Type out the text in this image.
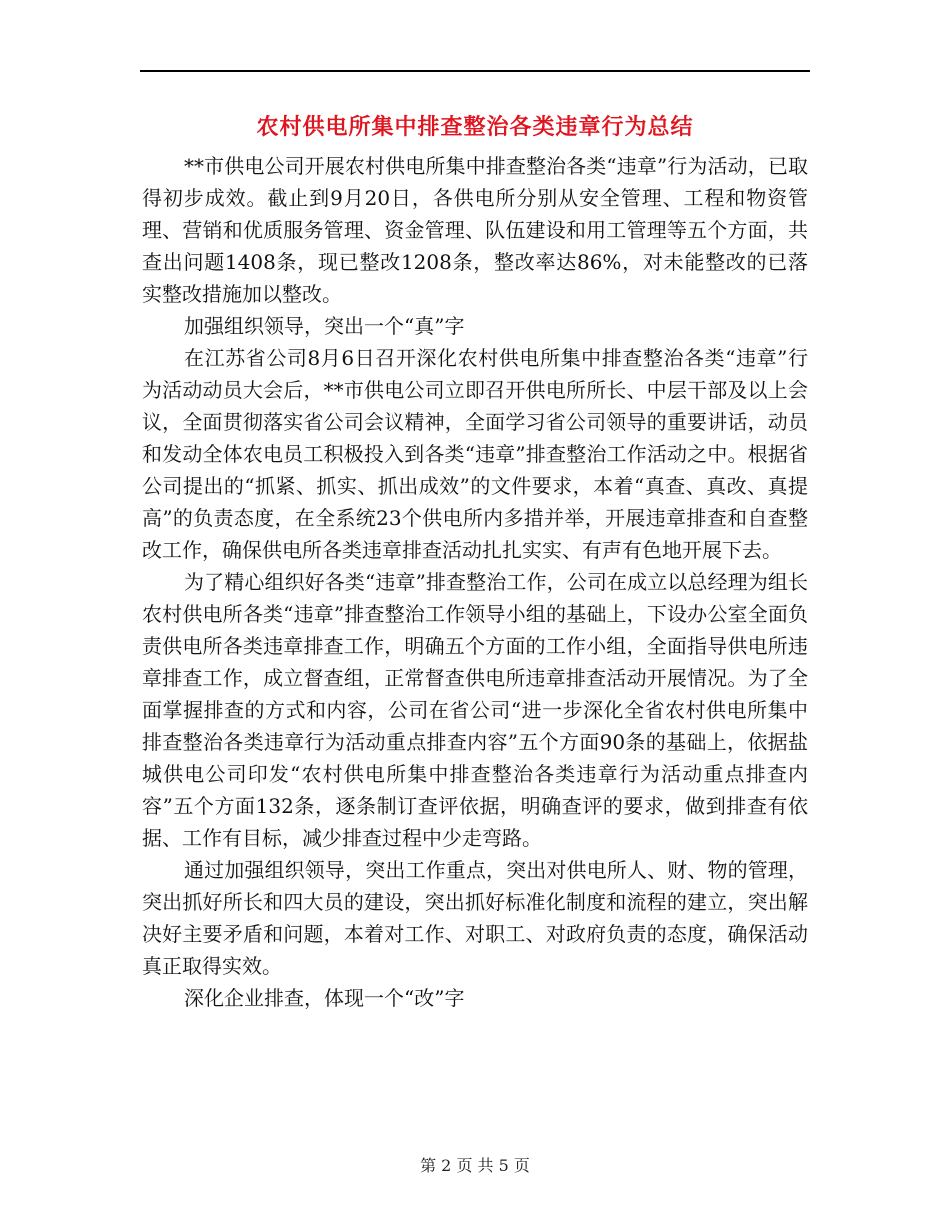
农村供电所集中排查整治各类违章行为总结

**市供电公司开展农村供电所集中排查整治各类“违章”行为活动，已取得初步成效。截止到9月20日，各供电所分别从安全管理、工程和物资管理、营销和优质服务管理、资金管理、队伍建设和用工管理等五个方面，共查出问题1408条，现已整改1208条，整改率达86%，对未能整改的已落实整改措施加以整改。

加强组织领导，突出一个“真”字

在江苏省公司8月6日召开深化农村供电所集中排查整治各类“违章”行为活动动员大会后，**市供电公司立即召开供电所所长、中层干部及以上会议，全面贯彻落实省公司会议精神，全面学习省公司领导的重要讲话，动员和发动全体农电员工积极投入到各类“违章”排查整治工作活动之中。根据省公司提出的“抓紧、抓实、抓出成效”的文件要求，本着“真查、真改、真提高”的负责态度，在全系统23个供电所内多措并举，开展违章排查和自查整改工作，确保供电所各类违章排查活动扎扎实实、有声有色地开展下去。

为了精心组织好各类“违章”排查整治工作，公司在成立以总经理为组长农村供电所各类“违章”排查整治工作领导小组的基础上，下设办公室全面负责供电所各类违章排查工作，明确五个方面的工作小组，全面指导供电所违章排查工作，成立督查组，正常督查供电所违章排查活动开展情况。为了全面掌握排查的方式和内容，公司在省公司“进一步深化全省农村供电所集中排查整治各类违章行为活动重点排查内容”五个方面90条的基础上，依据盐城供电公司印发“农村供电所集中排查整治各类违章行为活动重点排查内容”五个方面132条，逐条制订查评依据，明确查评的要求，做到排查有依据、工作有目标，减少排查过程中少走弯路。

通过加强组织领导，突出工作重点，突出对供电所人、财、物的管理，突出抓好所长和四大员的建设，突出抓好标准化制度和流程的建立，突出解决好主要矛盾和问题，本着对工作、对职工、对政府负责的态度，确保活动真正取得实效。

深化企业排查，体现一个“改”字

第 2 页 共 5 页
